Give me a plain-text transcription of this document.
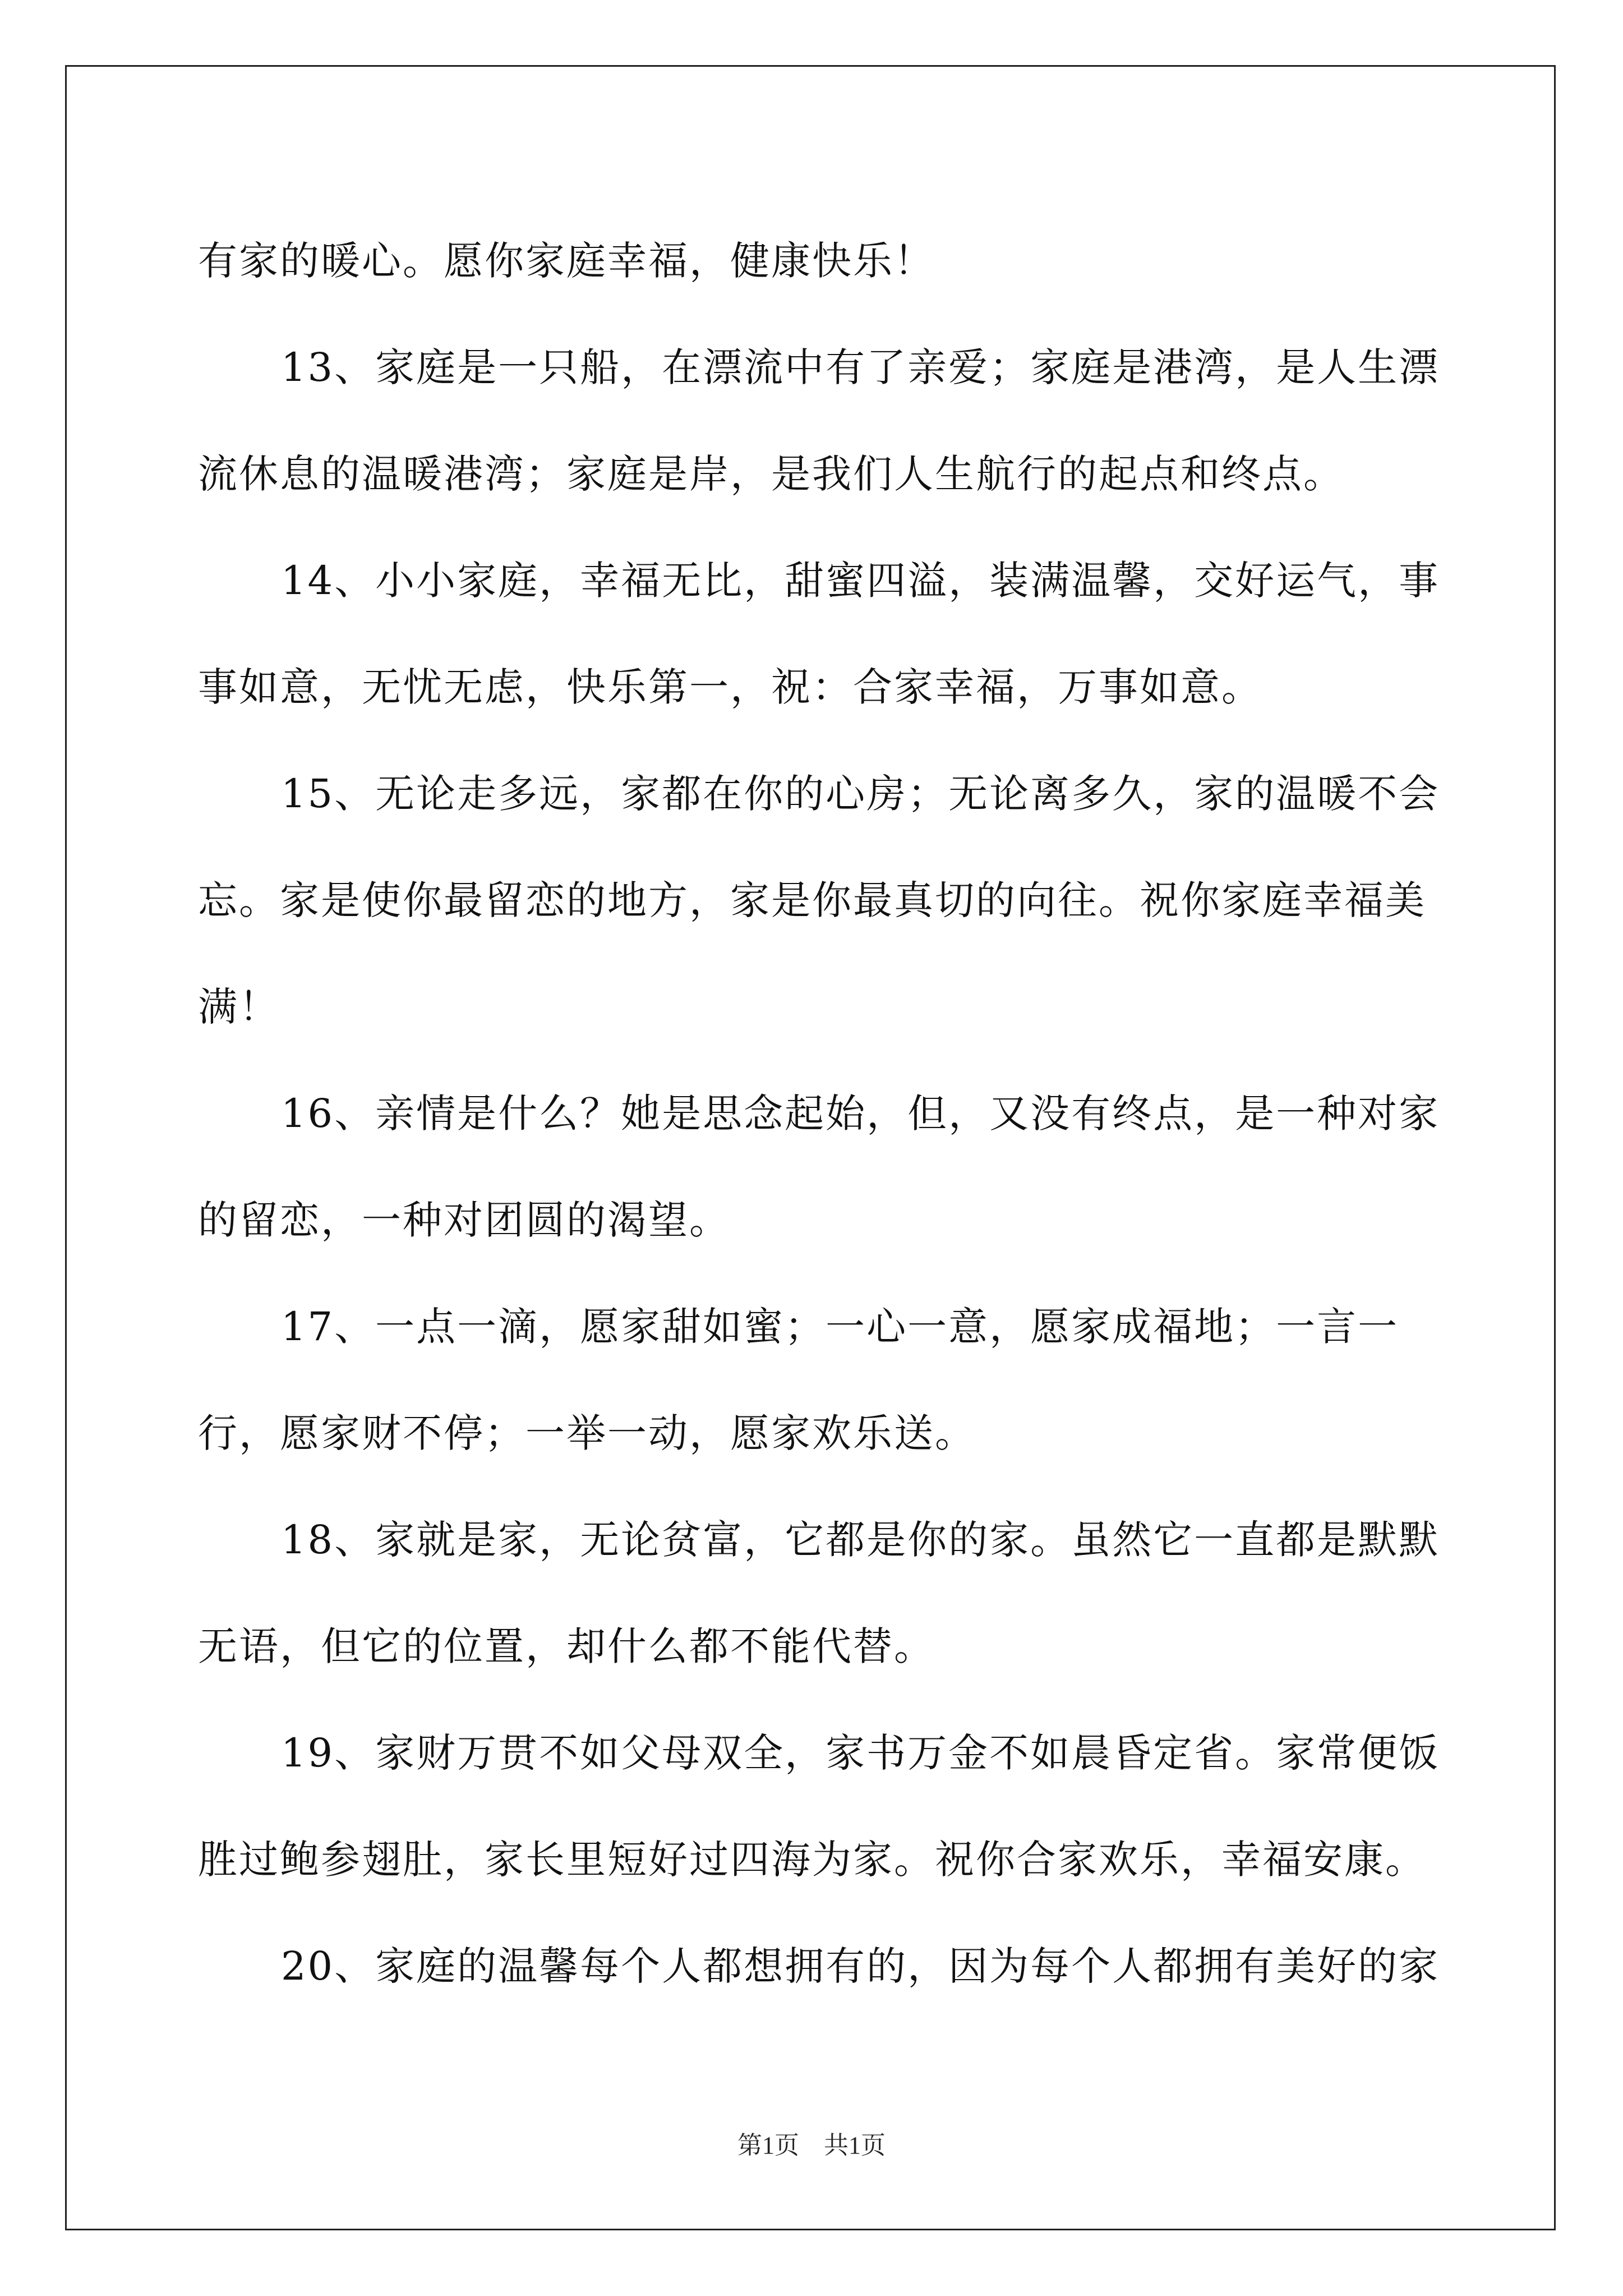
有家的暖心。愿你家庭幸福，健康快乐！

13、家庭是一只船，在漂流中有了亲爱；家庭是港湾，是人生漂流休息的温暖港湾；家庭是岸，是我们人生航行的起点和终点。

14、小小家庭，幸福无比，甜蜜四溢，装满温馨，交好运气，事事如意，无忧无虑，快乐第一，祝：合家幸福，万事如意。

15、无论走多远，家都在你的心房；无论离多久，家的温暖不会忘。家是使你最留恋的地方，家是你最真切的向往。祝你家庭幸福美满！

16、亲情是什么？她是思念起始，但，又没有终点，是一种对家的留恋，一种对团圆的渴望。

17、一点一滴，愿家甜如蜜；一心一意，愿家成福地；一言一行，愿家财不停；一举一动，愿家欢乐送。

18、家就是家，无论贫富，它都是你的家。虽然它一直都是默默无语，但它的位置，却什么都不能代替。

19、家财万贯不如父母双全，家书万金不如晨昏定省。家常便饭胜过鲍参翅肚，家长里短好过四海为家。祝你合家欢乐，幸福安康。

20、家庭的温馨每个人都想拥有的，因为每个人都拥有美好的家

第1页　共1页
